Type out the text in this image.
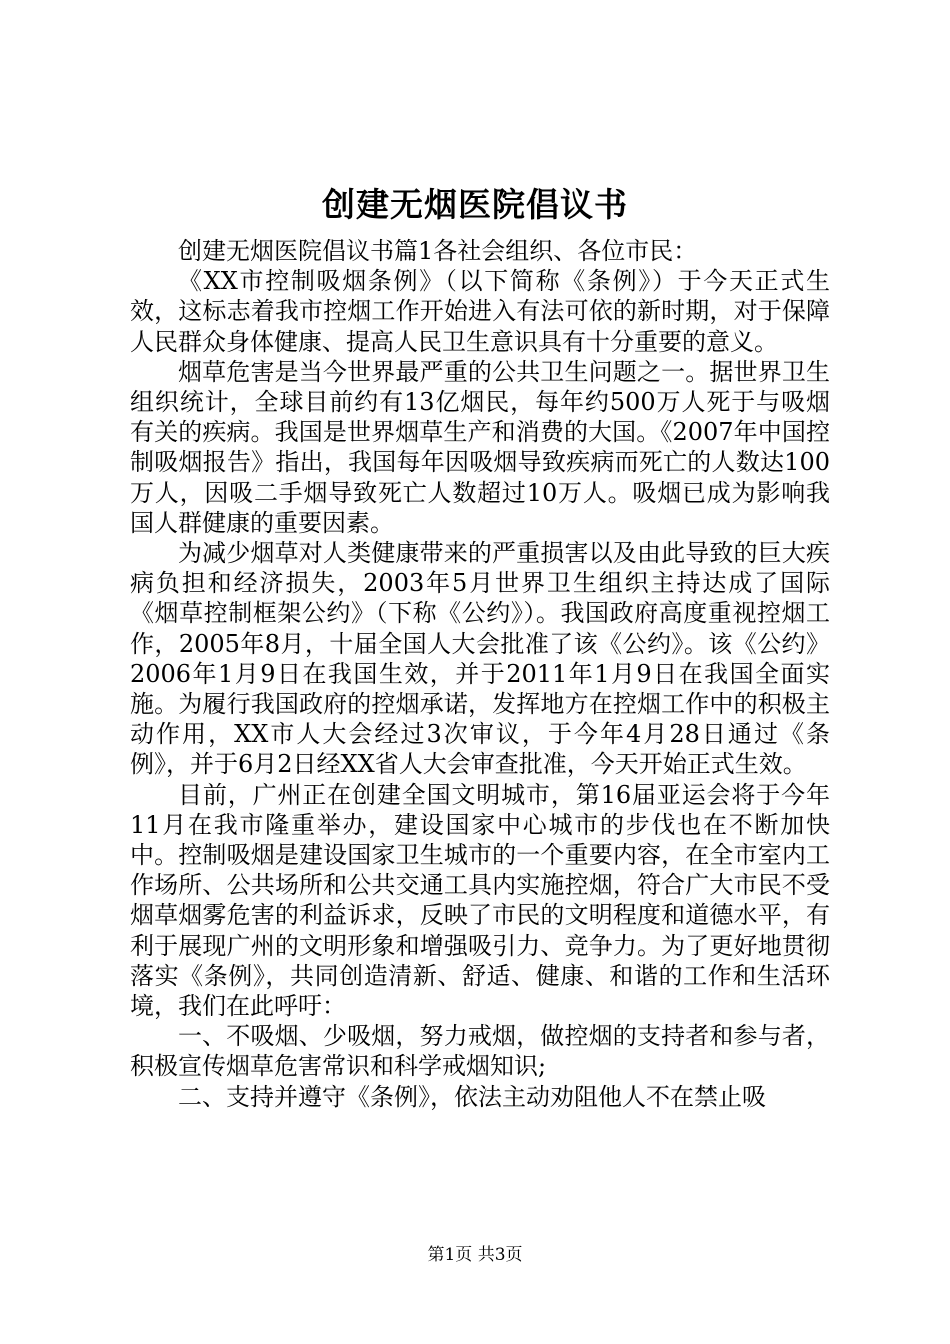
创建无烟医院倡议书

创建无烟医院倡议书篇1各社会组织、各位市民：

《XX市控制吸烟条例》（以下简称《条例》）于今天正式生效，这标志着我市控烟工作开始进入有法可依的新时期，对于保障人民群众身体健康、提高人民卫生意识具有十分重要的意义。

烟草危害是当今世界最严重的公共卫生问题之一。据世界卫生组织统计，全球目前约有13亿烟民，每年约500万人死于与吸烟有关的疾病。我国是世界烟草生产和消费的大国。《2007年中国控制吸烟报告》指出，我国每年因吸烟导致疾病而死亡的人数达100万人，因吸二手烟导致死亡人数超过10万人。吸烟已成为影响我国人群健康的重要因素。

为减少烟草对人类健康带来的严重损害以及由此导致的巨大疾病负担和经济损失，2003年5月世界卫生组织主持达成了国际《烟草控制框架公约》（下称《公约》）。我国政府高度重视控烟工作，2005年8月，十届全国人大会批准了该《公约》。该《公约》2006年1月9日在我国生效，并于2011年1月9日在我国全面实施。为履行我国政府的控烟承诺，发挥地方在控烟工作中的积极主动作用，XX市人大会经过3次审议，于今年4月28日通过《条例》，并于6月2日经XX省人大会审查批准，今天开始正式生效。

目前，广州正在创建全国文明城市，第16届亚运会将于今年11月在我市隆重举办，建设国家中心城市的步伐也在不断加快中。控制吸烟是建设国家卫生城市的一个重要内容，在全市室内工作场所、公共场所和公共交通工具内实施控烟，符合广大市民不受烟草烟雾危害的利益诉求，反映了市民的文明程度和道德水平，有利于展现广州的文明形象和增强吸引力、竞争力。为了更好地贯彻落实《条例》，共同创造清新、舒适、健康、和谐的工作和生活环境，我们在此呼吁：

一、不吸烟、少吸烟，努力戒烟，做控烟的支持者和参与者，积极宣传烟草危害常识和科学戒烟知识;

二、支持并遵守《条例》，依法主动劝阻他人不在禁止吸

第1页 共3页
